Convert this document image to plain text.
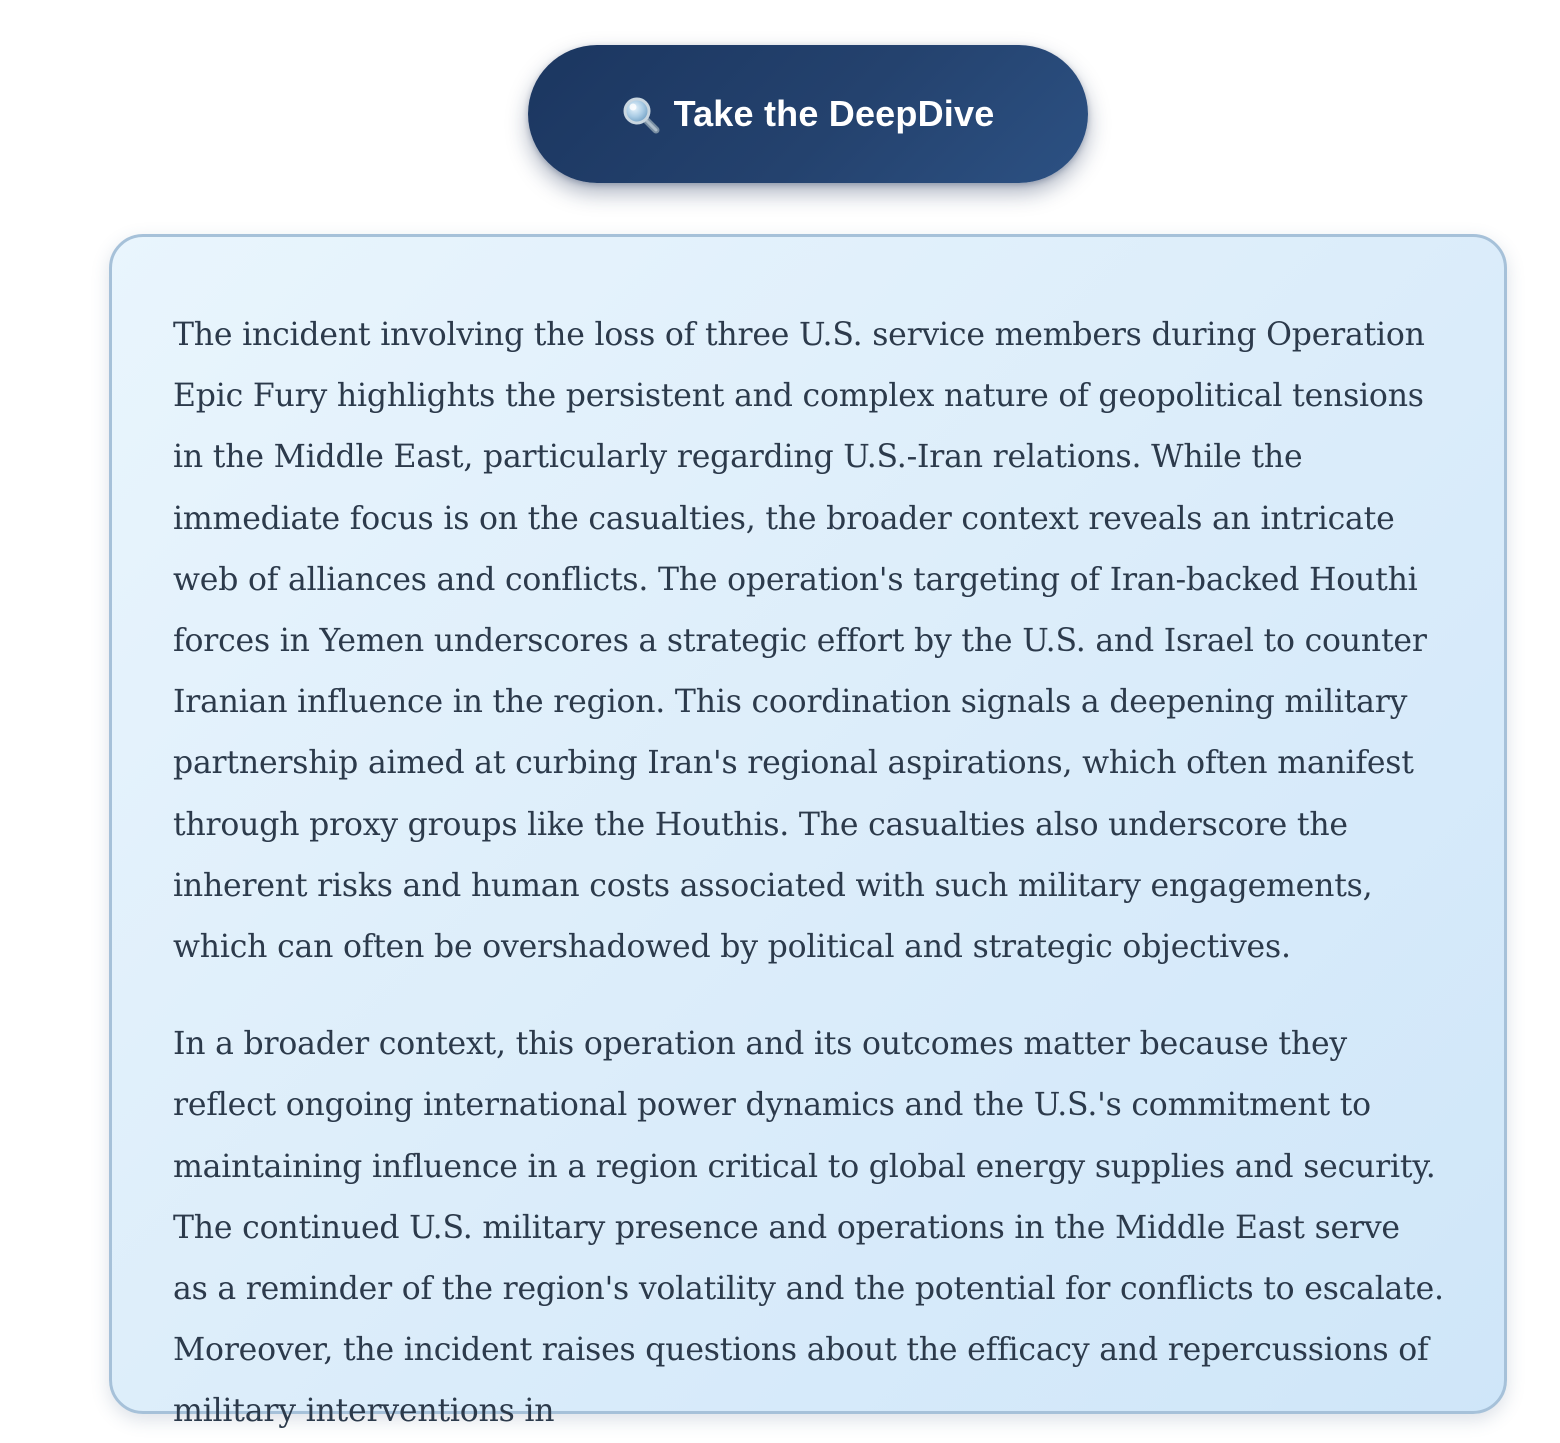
Take the DeepDive

The incident involving the loss of three U.S. service members during Operation Epic Fury highlights the persistent and complex nature of geopolitical tensions in the Middle East, particularly regarding U.S.-Iran relations. While the immediate focus is on the casualties, the broader context reveals an intricate web of alliances and conflicts. The operation's targeting of Iran-backed Houthi forces in Yemen underscores a strategic effort by the U.S. and Israel to counter Iranian influence in the region. This coordination signals a deepening military partnership aimed at curbing Iran's regional aspirations, which often manifest through proxy groups like the Houthis. The casualties also underscore the inherent risks and human costs associated with such military engagements, which can often be overshadowed by political and strategic objectives.

In a broader context, this operation and its outcomes matter because they reflect ongoing international power dynamics and the U.S.'s commitment to maintaining influence in a region critical to global energy supplies and security. The continued U.S. military presence and operations in the Middle East serve as a reminder of the region's volatility and the potential for conflicts to escalate. Moreover, the incident raises questions about the efficacy and repercussions of military interventions in
